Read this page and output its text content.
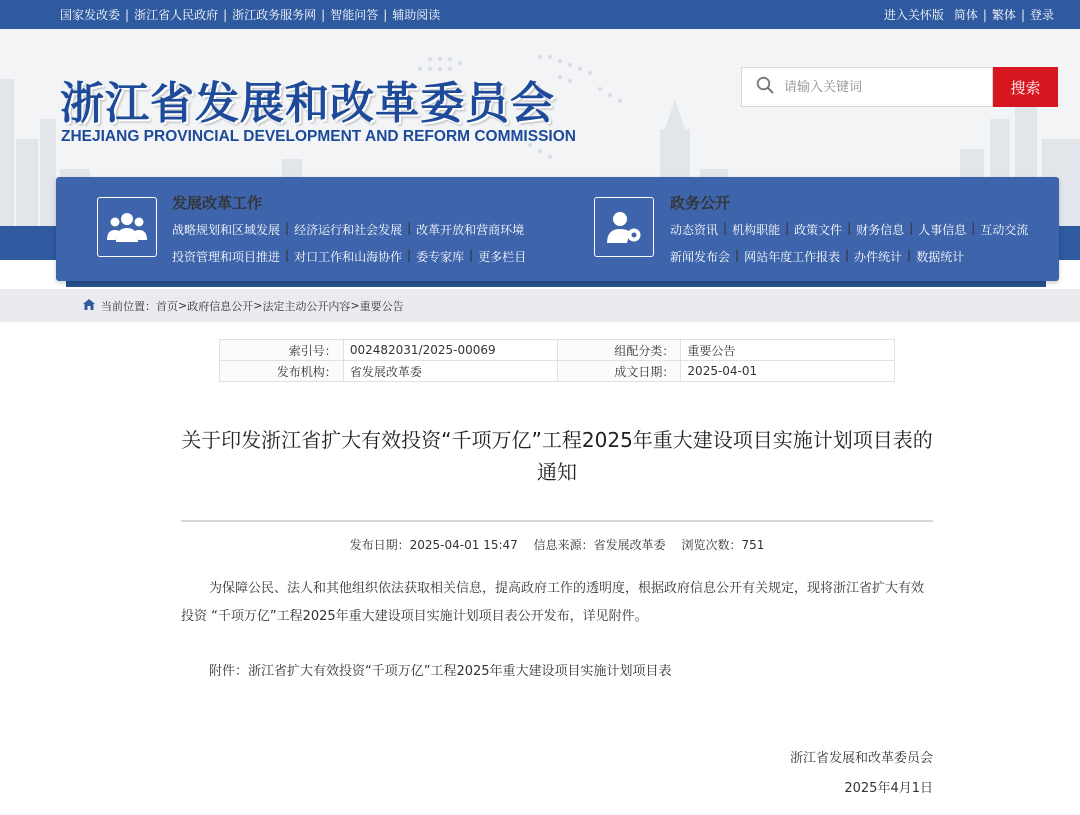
国家发改委 | 浙江省人民政府 | 浙江政务服务网 | 智能问答 | 辅助阅读	进入关怀版 简体 | 繁体 | 登录
浙江省发展和改革委员会
ZHEJIANG PROVINCIAL DEVELOPMENT AND REFORM COMMISSION
请输入关键词
搜索
发展改革工作
战略规划和区域发展 | 经济运行和社会发展 | 改革开放和营商环境
投资管理和项目推进 | 对口工作和山海协作 | 委专家库 | 更多栏目
政务公开
动态资讯 | 机构职能 | 政策文件 | 财务信息 | 人事信息 | 互动交流
新闻发布会 | 网站年度工作报表 | 办件统计 | 数据统计
当前位置： 首页 > 政府信息公开 > 法定主动公开内容 > 重要公告
索引号：	002482031/2025-00069	组配分类：	重要公告
发布机构：	省发展改革委	成文日期：	2025-04-01
关于印发浙江省扩大有效投资“千项万亿”工程2025年重大建设项目实施计划项目表的通知
发布日期：2025-04-01 15:47 信息来源：省发展改革委 浏览次数：751
为保障公民、法人和其他组织依法获取相关信息，提高政府工作的透明度，根据政府信息公开有关规定，现将浙江省扩大有效投资 “千项万亿”工程2025年重大建设项目实施计划项目表公开发布，详见附件。
附件：浙江省扩大有效投资“千项万亿”工程2025年重大建设项目实施计划项目表
浙江省发展和改革委员会
2025年4月1日
